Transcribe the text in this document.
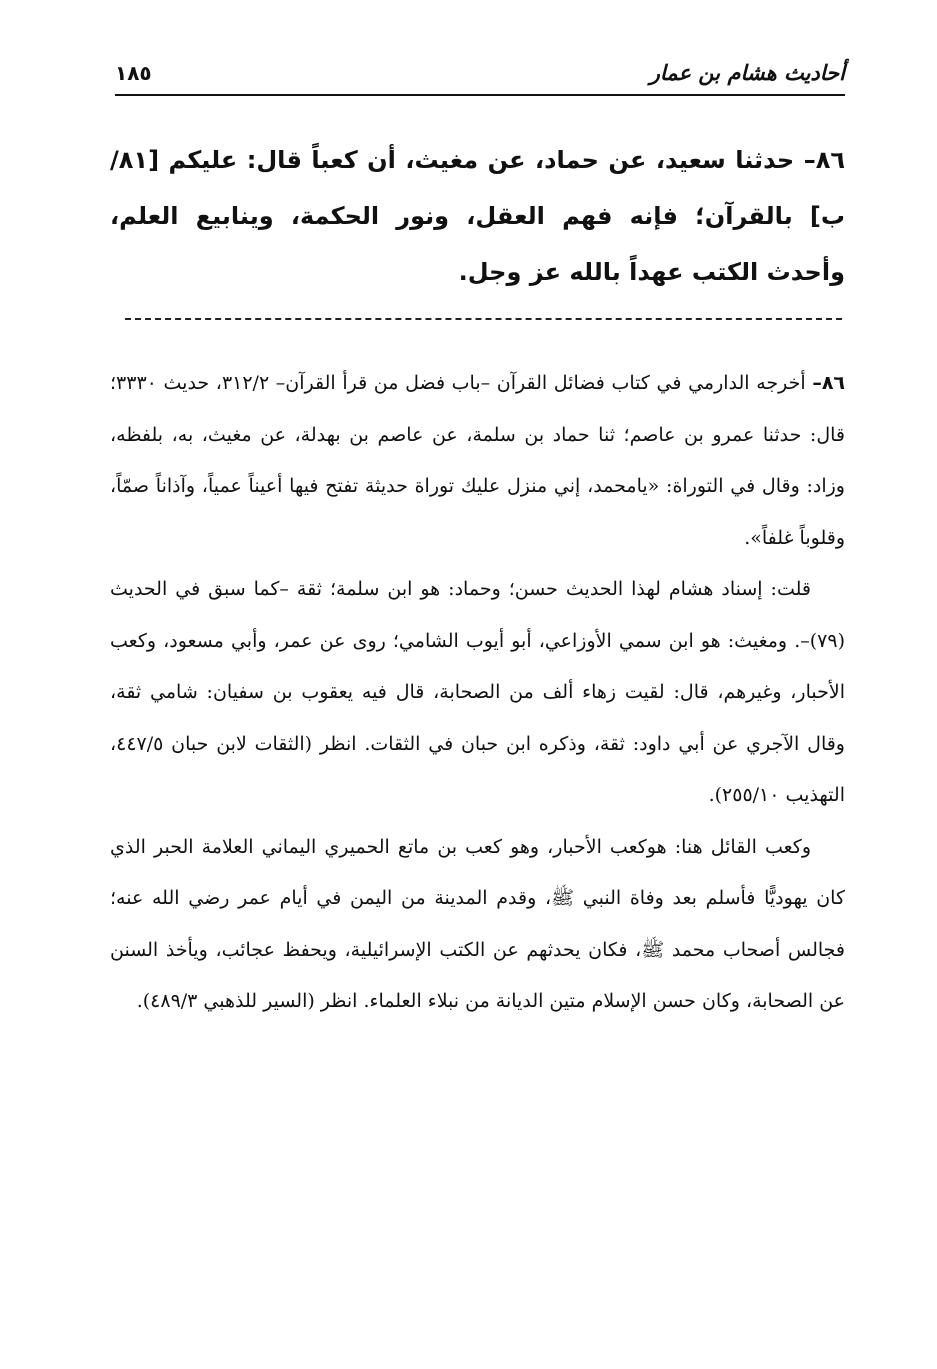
أحاديث هشام بن عمار
١٨٥

٨٦– حدثنا سعيد، عن حماد، عن مغيث، أن كعباً قال: عليكم [٨١/ب] بالقرآن؛ فإنه فهم العقل، ونور الحكمة، وينابيع العلم، وأحدث الكتب عهداً بالله عز وجل.

٨٦– أخرجه الدارمي في كتاب فضائل القرآن –باب فضل من قرأ القرآن– ٣١٢/٢، حديث ٣٣٣٠؛ قال: حدثنا عمرو بن عاصم؛ ثنا حماد بن سلمة، عن عاصم بن بهدلة، عن مغيث، به، بلفظه، وزاد: وقال في التوراة: «يامحمد، إني منزل عليك توراة حديثة تفتح فيها أعيناً عمياً، وآذاناً صمّاً، وقلوباً غلفاً».

قلت: إسناد هشام لهذا الحديث حسن؛ وحماد: هو ابن سلمة؛ ثقة –كما سبق في الحديث (٧٩)–. ومغيث: هو ابن سمي الأوزاعي، أبو أيوب الشامي؛ روى عن عمر، وأبي مسعود، وكعب الأحبار، وغيرهم، قال: لقيت زهاء ألف من الصحابة، قال فيه يعقوب بن سفيان: شامي ثقة، وقال الآجري عن أبي داود: ثقة، وذكره ابن حبان في الثقات. انظر (الثقات لابن حبان ٤٤٧/٥، التهذيب ٢٥٥/١٠).

وكعب القائل هنا: هوكعب الأحبار، وهو كعب بن ماتع الحميري اليماني العلامة الحبر الذي كان يهوديًّا فأسلم بعد وفاة النبي ﷺ، وقدم المدينة من اليمن في أيام عمر رضي الله عنه؛ فجالس أصحاب محمد ﷺ، فكان يحدثهم عن الكتب الإسرائيلية، ويحفظ عجائب، ويأخذ السنن عن الصحابة، وكان حسن الإسلام متين الديانة من نبلاء العلماء. انظر (السير للذهبي ٤٨٩/٣).
